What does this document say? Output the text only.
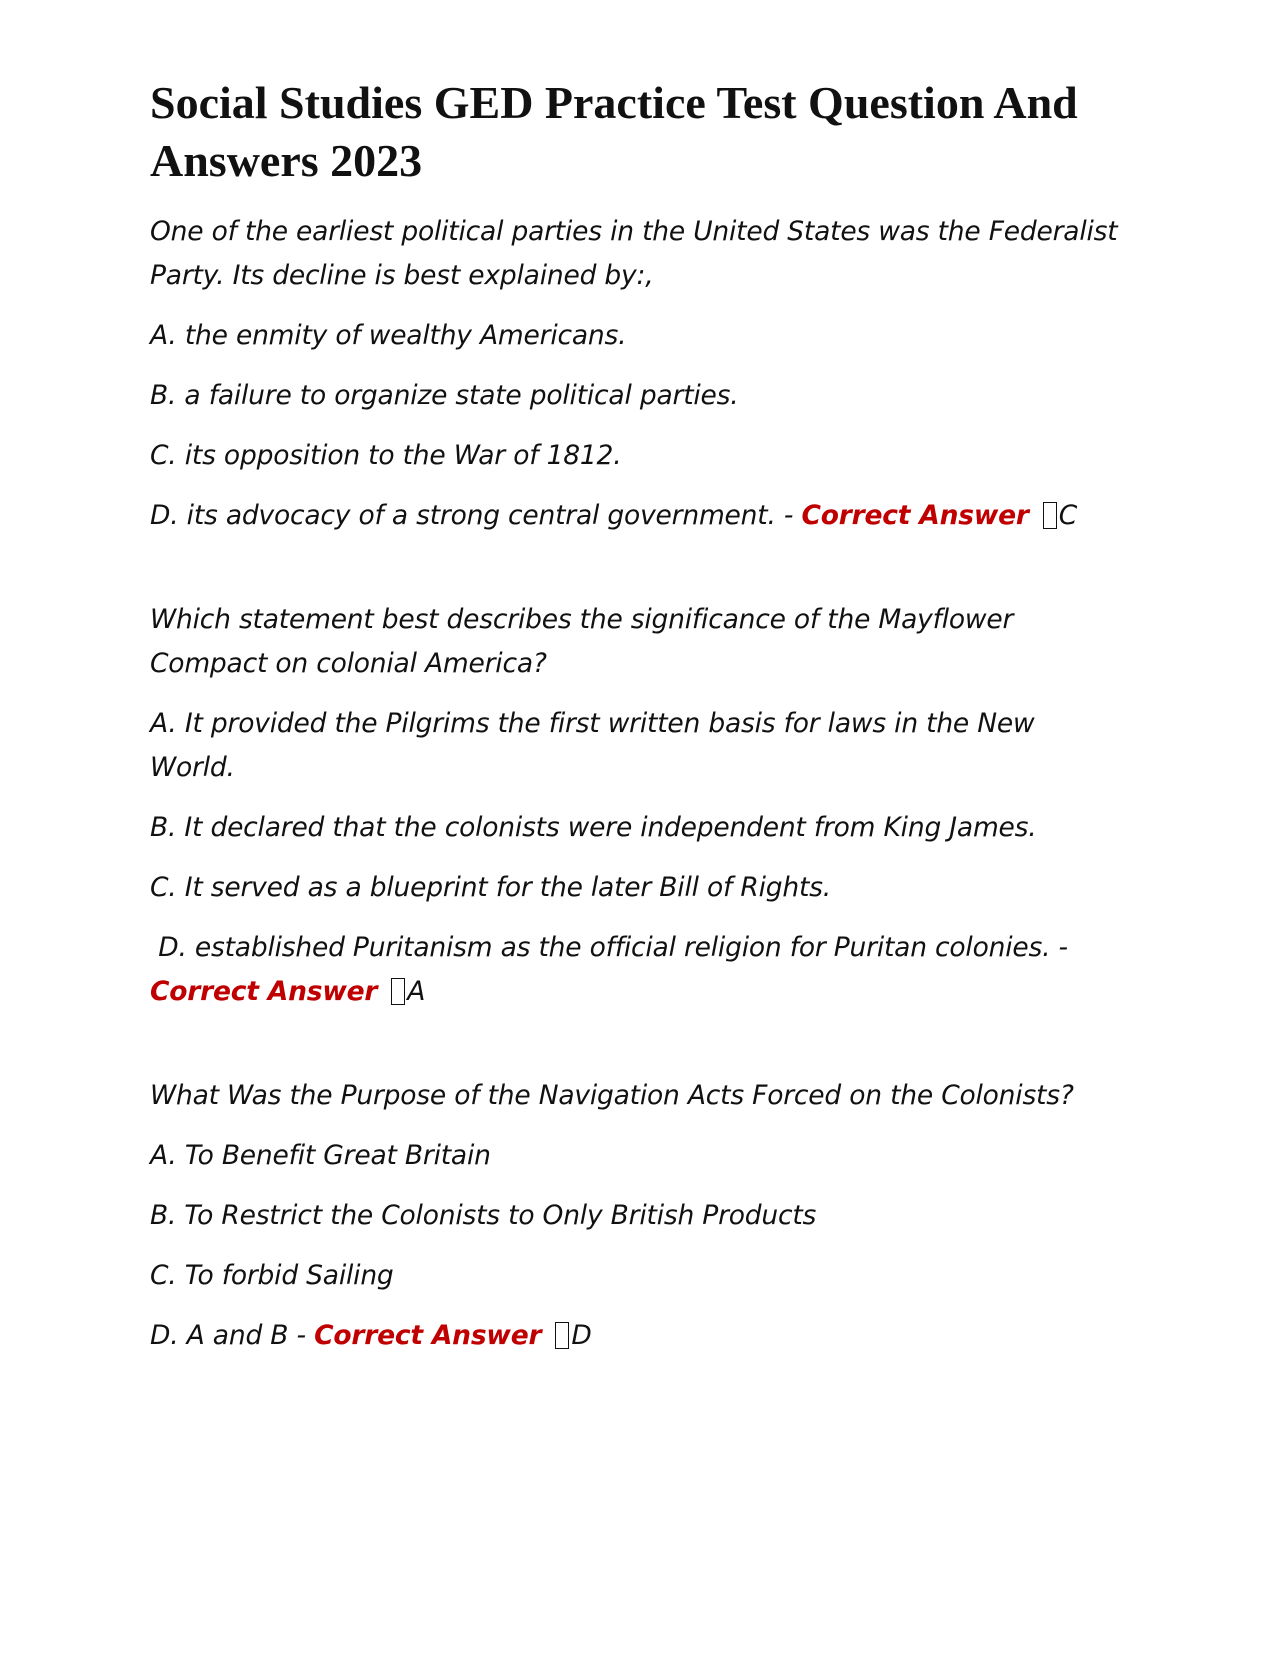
Social Studies GED Practice Test Question And Answers 2023

One of the earliest political parties in the United States was the Federalist Party. Its decline is best explained by:,

A. the enmity of wealthy Americans.

B. a failure to organize state political parties.

C. its opposition to the War of 1812.

D. its advocacy of a strong central government. - Correct Answer C

Which statement best describes the significance of the Mayflower Compact on colonial America?

A. It provided the Pilgrims the first written basis for laws in the New World.

B. It declared that the colonists were independent from King James.

C. It served as a blueprint for the later Bill of Rights.

D. established Puritanism as the official religion for Puritan colonies. - Correct Answer A

What Was the Purpose of the Navigation Acts Forced on the Colonists?

A. To Benefit Great Britain

B. To Restrict the Colonists to Only British Products

C. To forbid Sailing

D. A and B - Correct Answer D
